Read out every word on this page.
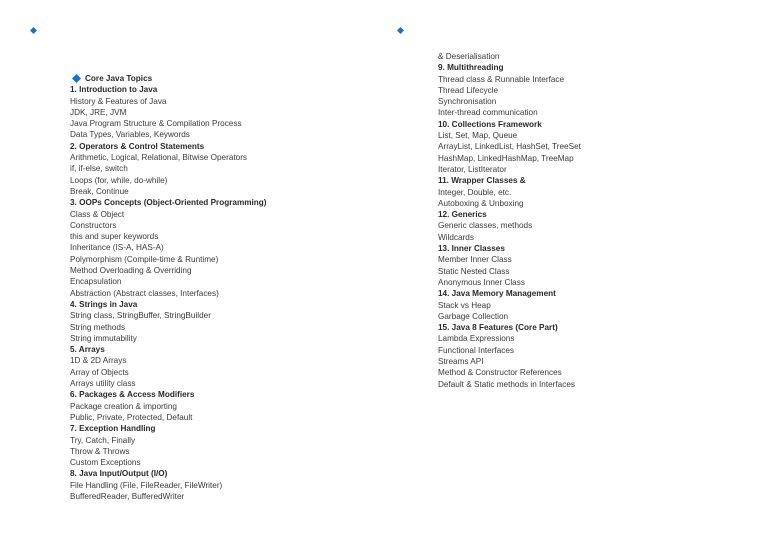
Core Java Topics
1. Introduction to Java
History & Features of Java
JDK, JRE, JVM
Java Program Structure & Compilation Process
Data Types, Variables, Keywords
2. Operators & Control Statements
Arithmetic, Logical, Relational, Bitwise Operators
if, if-else, switch
Loops (for, while, do-while)
Break, Continue
3. OOPs Concepts (Object-Oriented Programming)
Class & Object
Constructors
this and super keywords
Inheritance (IS-A, HAS-A)
Polymorphism (Compile-time & Runtime)
Method Overloading & Overriding
Encapsulation
Abstraction (Abstract classes, Interfaces)
4. Strings in Java
String class, StringBuffer, StringBuilder
String methods
String immutability
5. Arrays
1D & 2D Arrays
Array of Objects
Arrays utility class
6. Packages & Access Modifiers
Package creation & importing
Public, Private, Protected, Default
7. Exception Handling
Try, Catch, Finally
Throw & Throws
Custom Exceptions
8. Java Input/Output (I/O)
File Handling (File, FileReader, FileWriter)
BufferedReader, BufferedWriter
& Deserialisation
9. Multithreading
Thread class & Runnable Interface
Thread Lifecycle
Synchronisation
Inter-thread communication
10. Collections Framework
List, Set, Map, Queue
ArrayList, LinkedList, HashSet, TreeSet
HashMap, LinkedHashMap, TreeMap
Iterator, ListIterator
11. Wrapper Classes &
Integer, Double, etc.
Autoboxing & Unboxing
12. Generics
Generic classes, methods
Wildcards
13. Inner Classes
Member Inner Class
Static Nested Class
Anonymous Inner Class
14. Java Memory Management
Stack vs Heap
Garbage Collection
15. Java 8 Features (Core Part)
Lambda Expressions
Functional Interfaces
Streams API
Method & Constructor References
Default & Static methods in Interfaces
